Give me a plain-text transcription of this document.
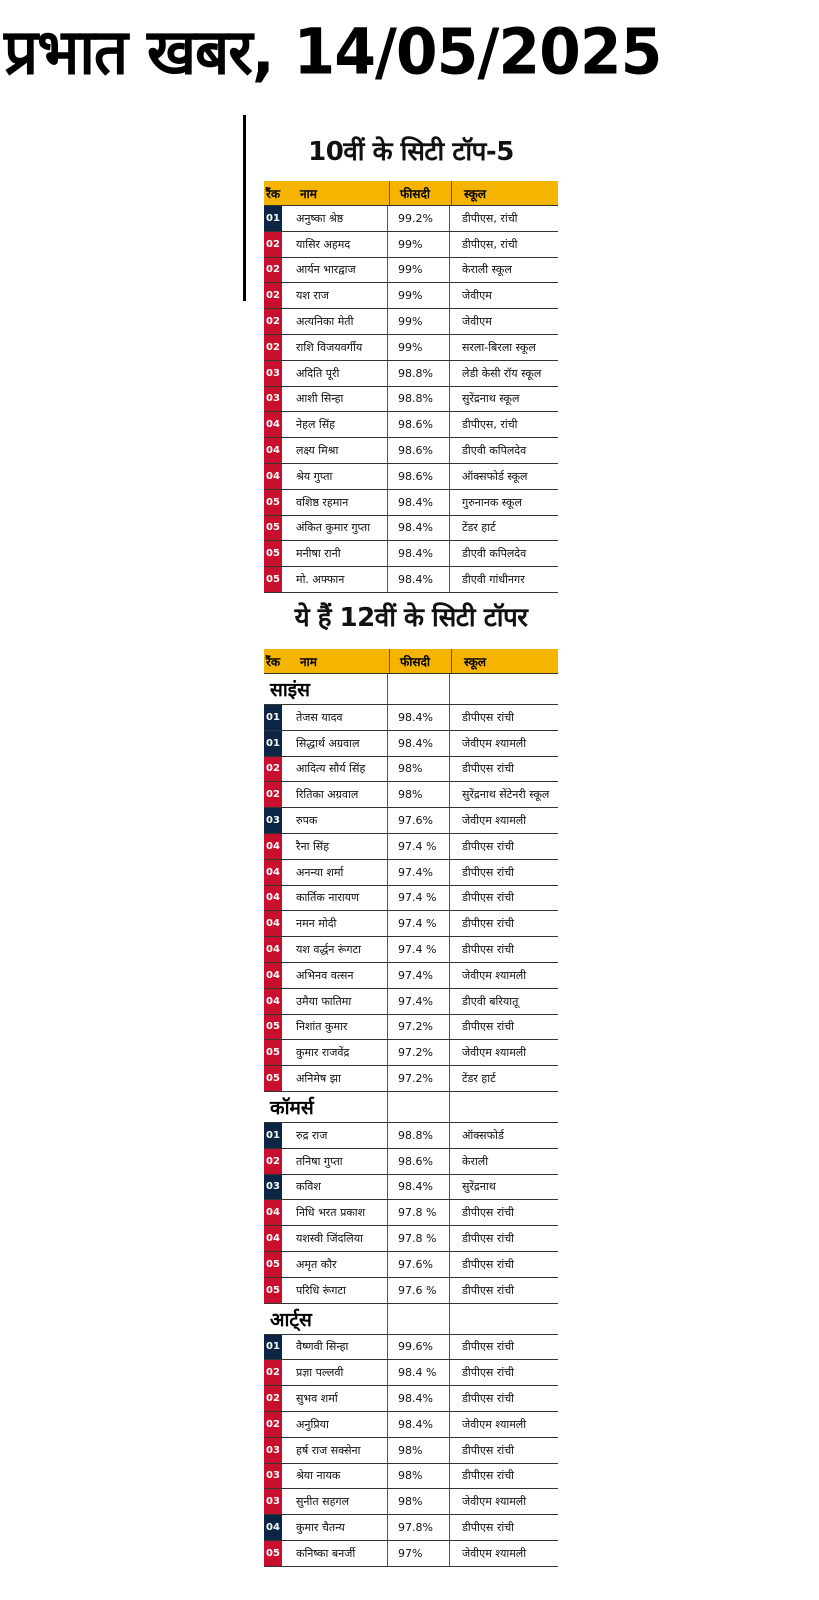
प्रभात खबर, 14/05/2025
10वीं के सिटी टॉप-5
रैंक	नाम	फीसदी	स्कूल
01	अनुष्का श्रेष्ठ	99.2%	डीपीएस, रांची
02	यासिर अहमद	99%	डीपीएस, रांची
02	आर्यन भारद्वाज	99%	केराली स्कूल
02	यश राज	99%	जेवीएम
02	अत्यनिका मेती	99%	जेवीएम
02	राशि विजयवर्गीय	99%	सरला-बिरला स्कूल
03	अदिति पूरी	98.8%	लेडी केसी रॉय स्कूल
03	आशी सिन्हा	98.8%	सुरेंद्रनाथ स्कूल
04	नेहल सिंह	98.6%	डीपीएस, रांची
04	लक्ष्य मिश्रा	98.6%	डीएवी कपिलदेव
04	श्रेय गुप्ता	98.6%	ऑक्सफोर्ड स्कूल
05	वशिष्ठ रहमान	98.4%	गुरुनानक स्कूल
05	अंकित कुमार गुप्ता	98.4%	टेंडर हार्ट
05	मनीषा रानी	98.4%	डीएवी कपिलदेव
05	मो. अफ्फान	98.4%	डीएवी गांधीनगर
ये हैं 12वीं के सिटी टॉपर
रैंक	नाम	फीसदी	स्कूल
साइंस
01	तेजस यादव	98.4%	डीपीएस रांची
01	सिद्धार्थ अग्रवाल	98.4%	जेवीएम श्यामली
02	आदित्य सौर्य सिंह	98%	डीपीएस रांची
02	रितिका अग्रवाल	98%	सुरेंद्रनाथ सेंटेनरी स्कूल
03	रुपक	97.6%	जेवीएम श्यामली
04	रैना सिंह	97.4 %	डीपीएस रांची
04	अनन्या शर्मा	97.4%	डीपीएस रांची
04	कार्तिक नारायण	97.4 %	डीपीएस रांची
04	नमन मोदी	97.4 %	डीपीएस रांची
04	यश वर्द्धन रूंगटा	97.4 %	डीपीएस रांची
04	अभिनव वत्सन	97.4%	जेवीएम श्यामली
04	उमैया फातिमा	97.4%	डीएवी बरियातू
05	निशांत कुमार	97.2%	डीपीएस रांची
05	कुमार राजवेंद्र	97.2%	जेवीएम श्यामली
05	अनिमेष झा	97.2%	टेंडर हार्ट
कॉमर्स
01	रुद्र राज	98.8%	ऑक्सफोर्ड
02	तनिषा गुप्ता	98.6%	केराली
03	कविश	98.4%	सुरेंद्रनाथ
04	निधि भरत प्रकाश	97.8 %	डीपीएस रांची
04	यशस्वी जिंदलिया	97.8 %	डीपीएस रांची
05	अमृत कौर	97.6%	डीपीएस रांची
05	परिधि रूंगटा	97.6 %	डीपीएस रांची
आर्ट्स
01	वैष्णवी सिन्हा	99.6%	डीपीएस रांची
02	प्रज्ञा पल्लवी	98.4 %	डीपीएस रांची
02	सुभव शर्मा	98.4%	डीपीएस रांची
02	अनुप्रिया	98.4%	जेवीएम श्यामली
03	हर्ष राज सक्सेना	98%	डीपीएस रांची
03	श्रेया नायक	98%	डीपीएस रांची
03	सुनीत सहगल	98%	जेवीएम श्यामली
04	कुमार चैतन्य	97.8%	डीपीएस रांची
05	कनिष्का बनर्जी	97%	जेवीएम श्यामली
